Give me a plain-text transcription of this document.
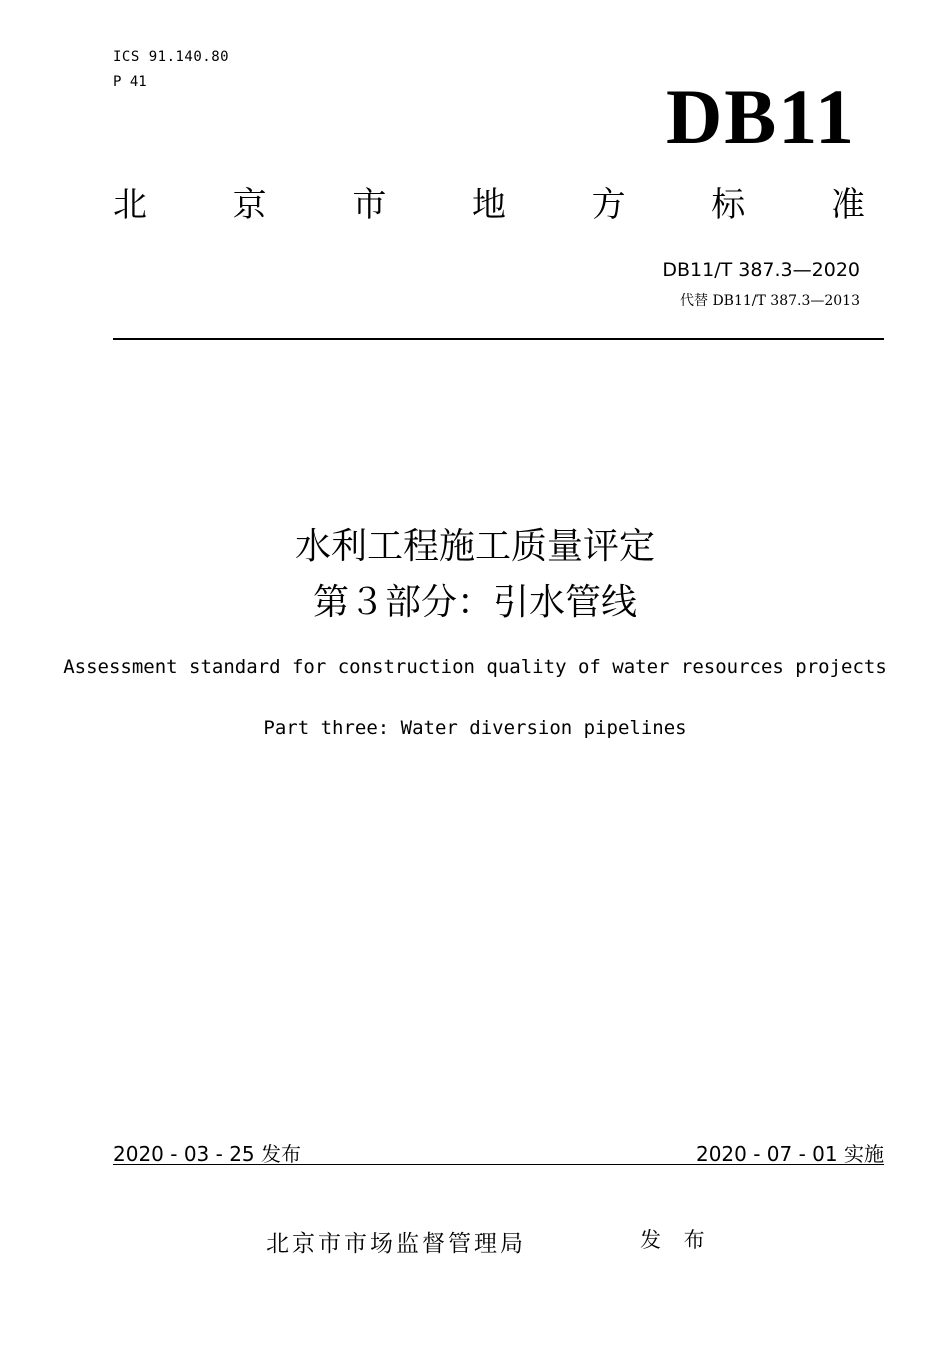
ICS 91.140.80
P 41	DB11
北	京	市	地	方	标	准
DB11/T 387.3—2020
代替 DB11/T 387.3—2013
水利工程施工质量评定
第３部分：引水管线
Assessment standard for construction quality of water resources projects
Part three: Water diversion pipelines
2020 - 03 - 25 发布	2020 - 07 - 01 实施
北京市市场监督管理局	发 布
